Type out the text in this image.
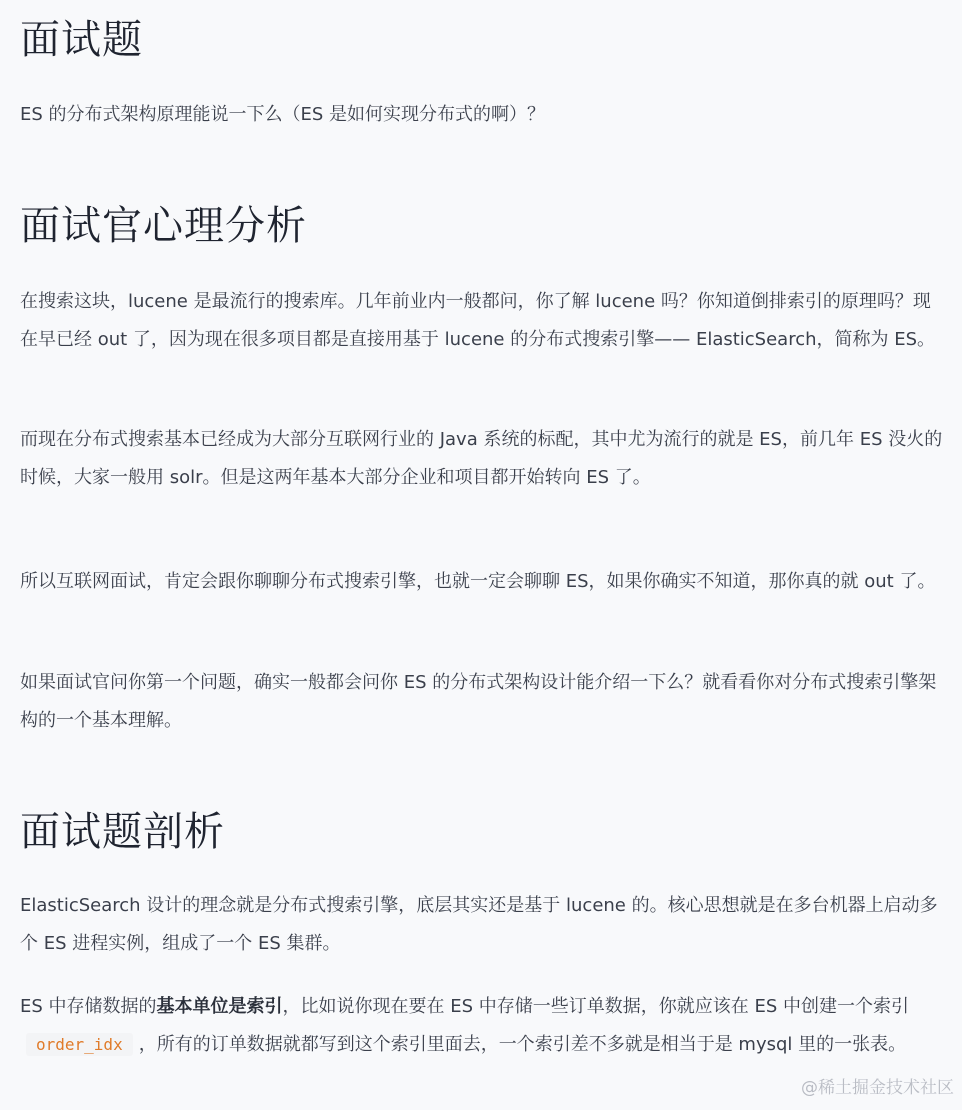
面试题

ES 的分布式架构原理能说一下么（ES 是如何实现分布式的啊）？

面试官心理分析

在搜索这块，lucene 是最流行的搜索库。几年前业内一般都问，你了解 lucene 吗？你知道倒排索引的原理吗？现在早已经 out 了，因为现在很多项目都是直接用基于 lucene 的分布式搜索引擎—— ElasticSearch，简称为 ES。

而现在分布式搜索基本已经成为大部分互联网行业的 Java 系统的标配，其中尤为流行的就是 ES，前几年 ES 没火的时候，大家一般用 solr。但是这两年基本大部分企业和项目都开始转向 ES 了。

所以互联网面试，肯定会跟你聊聊分布式搜索引擎，也就一定会聊聊 ES，如果你确实不知道，那你真的就 out 了。

如果面试官问你第一个问题，确实一般都会问你 ES 的分布式架构设计能介绍一下么？就看看你对分布式搜索引擎架构的一个基本理解。

面试题剖析

ElasticSearch 设计的理念就是分布式搜索引擎，底层其实还是基于 lucene 的。核心思想就是在多台机器上启动多个 ES 进程实例，组成了一个 ES 集群。

ES 中存储数据的基本单位是索引，比如说你现在要在 ES 中存储一些订单数据，你就应该在 ES 中创建一个索引order_idx ，所有的订单数据就都写到这个索引里面去，一个索引差不多就是相当于是 mysql 里的一张表。

@稀土掘金技术社区
